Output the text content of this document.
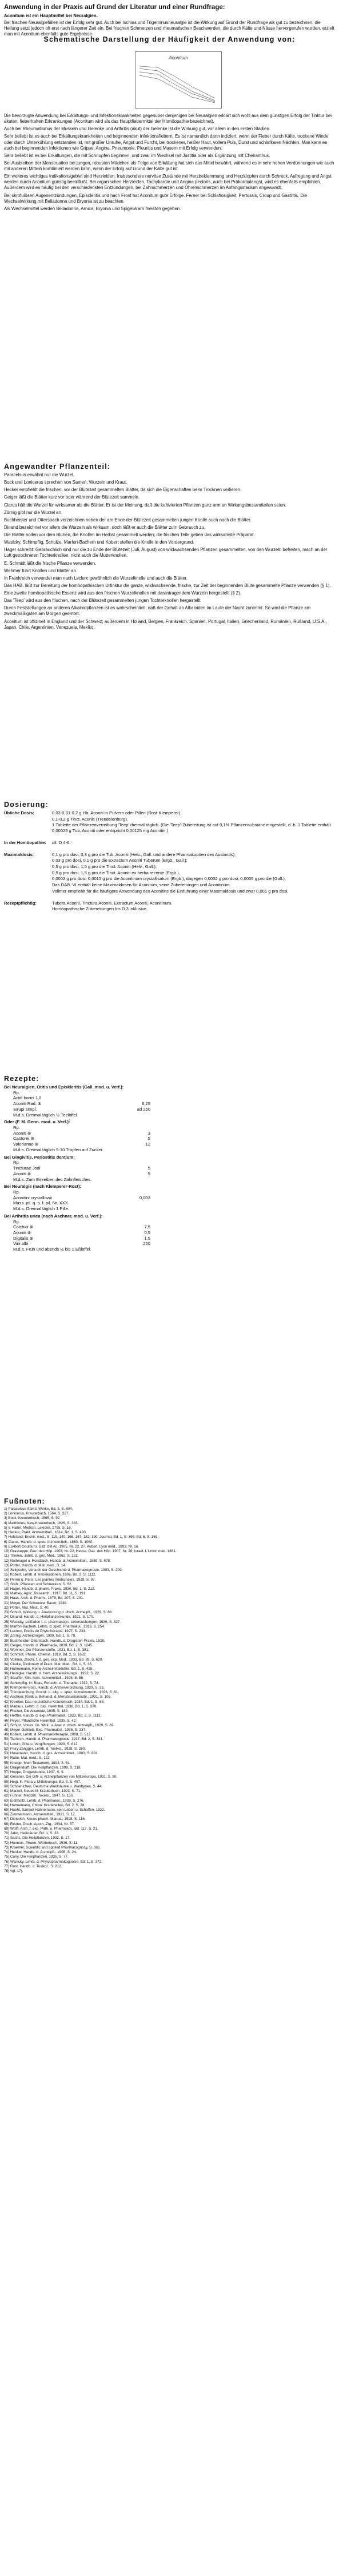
Anwendung in der Praxis auf Grund der Literatur und einer Rundfrage:

Aconitum ist ein Hauptmittel bei Neuralgien.

Bei frischen Neuralgiefällen ist der Erfolg sehr gut. Auch bei Ischias und Trigeminusneuralgie ist die Wirkung auf Grund der Rundfrage als gut zu bezeichnen; die Heilung setzt jedoch oft erst nach längerer Zeit ein. Bei frischen Schmerzen und rheumatischen Beschwerden, die durch Kälte und Nässe hervorgerufen wurden, erzielt man mit Aconitum ebenfalls gute Ergebnisse.

Schematische Darstellung der Häufigkeit der Anwendung von:
Aconitum

Die bevorzugte Anwendung bei Erkältungs- und Infektionskrankheiten gegenüber denjenigen bei Neuralgien erklärt sich wohl aus dem günstigen Erfolg der Tinktur bei akuten, fieberhaften Erkrankungen (Aconitum wird als das Hauptfiebermittel der Homöopathie bezeichnet).

Auch bei Rheumatismus der Muskeln und Gelenke und Arthritis (akut) der Gelenke ist die Wirkung gut, vor allem in den ersten Stadien.

Sehr beliebt ist es auch bei Erkältungskrankheiten und beginnenden Infektionsfiebern. Es ist namentlich dann indiziert, wenn der Fieber durch Kälte, trockene Winde oder durch Unterkühlung entstanden ist, mit großer Unruhe, Angst und Furcht, bei trockener, heißer Haut, vollem Puls, Durst und schlaflosen Nächten. Man kann es auch bei beginnenden Infektionen wie Grippe, Angina, Pneumonie, Pleuritis und Masern mit Erfolg verwenden.

Sehr beliebt ist es bei Erkältungen, die mit Schnupfen beginnen, und zwar im Wechsel mit Justitia oder als Ergänzung mit Cheiranthus.

Bei Ausbleiben der Menstruation bei jungen, robusten Mädchen als Folge von Erkältung hat sich das Mittel bewährt, während es in sehr hohen Verdünnungen wie auch mit anderen Mitteln kombiniert werden kann, wenn der Erfolg auf Grund der Kälte gut ist.

Ein weiteres wichtiges Indikationsgebiet sind Herzleiden. Insbesondere nervöse Zustände mit Herzbeklemmung und Herzklopfen durch Schreck, Aufregung und Angst werden durch Aconitum günstig beeinflußt. Bei organischen Herzleiden, Tachykardie und Angina pectoris, auch bei Präkordialangst, wird es ebenfalls empfohlen. Außerdem wird es häufig bei den verschiedensten Entzündungen, bei Zahnschmerzen und Ohrenschmerzen im Anfangsstadium angewandt.

Bei skrofulösen Augenentzündungen, Episcleritis und nach Frost hat Aconitum gute Erfolge. Ferner bei Schlaflosigkeit, Pertussis, Croup und Gastritis. Die Wechselwirkung mit Belladonna und Bryonia ist zu beachten.

Als Wechselmittel werden Belladonna, Arnica, Bryonia und Spigelia am meisten gegeben.

Angewandter Pflanzenteil:

Paracelsus erwähnt nur die Wurzel.

Bock und Lonicerus sprechen von Samen, Wurzeln und Kraut.

Hecker empfiehlt die frischen, vor der Blütezeit gesammelten Blätter, da sich die Eigenschaften beim Trocknen verlieren.

Geiger läßt die Blätter kurz vor oder während der Blütezeit sammeln.

Clarus hält die Wurzel für wirksamer als die Blätter. Er ist der Meinung, daß die kultivierten Pflanzen ganz arm an Wirkungsbestandteilen seien.

Zörnig gibt nur die Wurzel an.

Buchheister und Ottersbach verzeichnen neben der am Ende der Blütezeit gesammelten jungen Knolle auch noch die Blätter.

Dinand bezeichnet vor allem die Wurzeln als wirksam, doch läßt er auch die Blätter zum Gebrauch zu.

Die Blätter sollen vor dem Blühen, die Knollen im Herbst gesammelt werden; die frischen Teile geben das wirksamste Präparat.

Wasicky, Schimpflig, Schulze, Marfori-Bachem und Kobert stellen die Knolle in den Vordergrund.

Hager schreibt: Gebräuchlich sind nur die zu Ende der Blütezeit (Juli, August) von wildwachsenden Pflanzen gesammelten, von den Wurzeln befreiten, rasch an der Luft getrockneten Tochterknollen, nicht auch die Mutterknollen.

E. Schmidt läßt die frische Pflanze verwenden.

Wehmer führt Knollen und Blätter an.

In Frankreich verwendet man nach Leclerc gewöhnlich die Wurzelknolle und auch die Blätter.

Das HAB. läßt zur Bereitung der homöopathischen Urtinktur die ganze, wildwachsende, frische, zur Zeit der beginnenden Blüte gesammelte Pflanze verwenden (§ 1).

Eine zweite homöopathische Essenz wird aus den frischen Wurzelknollen mit darantragendem Wurzeln hergestellt (§ 2).

Das 'Teep' wird aus den frischen, nach der Blütezeit gesammelten jungen Tochterknollen hergestellt.

Durch Feststellungen an anderen Alkaloidpflanzen ist es wahrscheinlich, daß der Gehalt an Alkaloiden im Laufe der Nacht zunimmt. So wird die Pflanze am zweckmäßigsten am Morgen geerntet.

Aconitum ist offizinell in England und der Schweiz; außerdem in Holland, Belgien, Frankreich, Spanien, Portugal, Italien, Griechenland, Rumänien, Rußland, U.S.A., Japan, Chile, Argentinien, Venezuela, Mexiko.

Dosierung:
Übliche Dosis:	0,03-0,01-0,2 g Hb. Aconiti in Pulvern oder Pillen (Rost-Klemperer).
0,1-0,2 g Tinct. Aconiti (Trendelenburg).
1 Tablette der Pflanzenverreibung 'Teep' dreimal täglich. (Die 'Teep'-Zubereitung ist auf 0,1% Pflanzensubstanz eingestellt, d. h. 1 Tablette enthält 0,00025 g Tub. Aconiti oder entspricht 0,00125 mg Aconitin.)
In der Homöopathie:	dil. D 4-6.
Maximaldosis:	0,1 g pro dosi, 0,3 g pro die Tub. Aconiti (Helv., Gall. und andere Pharmakopöen des Auslands);
0,03 g pro dosi, 0,1 g pro die Extractum Aconiti Tuberum (Ergb., Gall.);
0,5 g pro dosi, 1,5 g pro die Tinct. Aconiti (Helv., Gall.);
0,5 g pro dosi, 1,5 g pro die Tinct. Aconiti ex herba recente (Ergb.).
0,0002 g pro dosi, 0,0015 g pro die Aconitinum crystallisatum (Ergb.), dagegen 0,0002 g pro dosi, 0,0005 g pro die (Gall.).
Das DAB. VI enthält keine Maximaldosen für Aconitum, seine Zubereitungen und Aconitinum.
Vollmer empfiehlt für die häufigere Anwendung des Aconitins die Einführung einer Maximaldosis und zwar 0,001 g pro dosi.
Rezeptpflichtig:	Tubera Aconiti, Tinctura Aconiti, Extractum Aconiti, Aconitinum.
Homöopathische Zubereitungen bis D 3 inklusive.
Rezepte:
Bei Neuralgien, Otitis und Episkleritis (Gall. mod. u. Verf.):
Rp.
Acidi borici 1,0
Aconiti Rad. ⊗	6,25
Sirupi simpl.	ad 250
M.d.s. Dreimal täglich ½ Teelöffel.
Oder (F. M. Germ. mod. u. Verf.):
Rp.
Aconiti ⊗	3
Castorei ⊗	5
Valerianae ⊗	12
M.d.s. Dreimal täglich 5-10 Tropfen auf Zucker.
Bei Gingivitis, Periostitis dentium:
Rp.
Tincturae Jodi	5
Aconiti ⊗	5
M.d.s. Zum Einreiben des Zahnfleisches.
Bei Neuralgie (nach Klemperer-Rost):
Rp.
Aconitini crystallisati	0,003
Mass. pil. q. s. f. pil. Nr. XXX.
M.d.s. Dreimal täglich 1 Pille.
Bei Arthritis urica (nach Aschner, mod. u. Verf.):
Rp.
Colchici ⊗	7,5
Aconiti ⊗	0,5
Digitalis ⊗	1,5
Vini albi	250
M.d.s. Früh und abends ½ bis 1 Eßlöffel.
Fußnoten:

1) Paracelsus Sämtl. Werke, Bd. 3, S. 604.

2) Lonicerus, Kreuterbuch, 1564, S. 227.

3) Bock, Kreutterbuch, 1565, S. 92.

4) Matthiolus, New-Kreuterbuch, 1626, S. 383.

5) v. Haller, Medicin. Lexicon, 1755, S. 16.

6) Hecker, Prakt. Arzneimittell., 1814, Bd. 1, S. 490.

7) Hufeland, Enchir. med., S. 119, 140, 166, 167, 182, 190; Journal, Bd. 1, S. 396; Bd. 6, S. 168.

8) Clarus, Handb. d. spec. Arzneimittell., 1860, S. 1060.

9) Eckbert-Goulburn, Gaz. del Ac. 1905, Nr. 22, 27. Auberl, Lyon méd., 1893, Nr. 16.

10) Grasseppe, Gaz. des Hôp. 1903; Nr. 22; Hesse, Gaz. des Hôp. 1907, Nr. 26; Israel, L'Union méd. 1861.

11) Thieme, Jahrb. d. ges. Med., 1862, S. 122.

12) Nothnagel u. Rossbach, Handb. d. Arzneimittell., 1880, S. 678.

13) Potter, Handb. d. Mat. med., S. 14.

14) Seligsohn, Versuch der Geschichte d. Pharmakognosie, 1903, S. 209.

15) Kobert, Lehrb. d. Intoxikationen, 1906, Bd. 2, S. 1112.

16) Perrot u. Paris, Les plantes médicinales, 1928, S. 97.

17) Stahl, Pflanzen und Schnecken, S. 62.

18) Hager, Handb. d. pharm. Praxis, 1930, Bd. 1, S. 212.

19) Mathey, Agric. Research., 1917, Bd. 11, S. 191.

20) Haas, Arch. d. Pharm., 1875, Bd. 207, S. 201.

21) Meyer, Der Schweizer Bauer, 1938.

22) Potter, Mat. Med., S. 40.

23) Schulz, Wirkung u. Anwendung d. dtsch. Arzneipfl., 1929, S. 86.

24) Dinand, Handb. d. Heilpflanzenkunde, 1921, S. 170.

25) Wasicky, Leitfaden f. d. pharmakogn. Untersuchungen, 1936, S. 327.

26) Marfori-Bachem, Lehrb. d. spez. Pharmakol., 1929, S. 254.

27) Leclerc, Précis de Phytothérapie, 1927, S. 233.

28) Zörnig, Arzneidrogen, 1909, Bd. 1, S. 79.

29) Buchheister-Ottersbach, Handb. d. Drogisten-Praxis, 1928.

30) Geiger, Handb. d. Pharmacie, 1839, Bd. 2, S. 1245.

31) Wehmer, Die Pflanzenstoffe, 1931, Bd. 1, S. 351.

32) Schmidt, Pharm. Chemie, 1919, Bd. 2, S. 1632.

33) Vollmer, Ztschr. f. d. ges. exp. Med., 1933, Bd. 89, S. 620.

34) Clarke, Dictionary of Pract. Mat. Med., Bd. 1, S. 36.

35) Hahnemann, Reine Arzneimittellehre, Bd. 1, S. 435.

36) Heinigke, Handb. d. hom. Arzneiwirkungsl., 1922, S. 22.

37) Stauffer, Klin. hom. Arzneimittell., 1926, S. 56.

38) Schimpflig, in: Boas, Fortschr. d. Therapie, 1932, S. 74.

39) Klemperer-Rost, Handb. d. Arzneiverordnung, 1929, S. 33.

40) Trendelenburg, Grundl. d. allg. u. spez. Arzneiverordn., 1926, S. 61.

41) Aschner, Klinik u. Behandl. d. Menstruationsstör., 1931, S. 105.

42) Kroeber, Das neuzeitliche Kräuterbuch, 1934, Bd. 1, S. 68.

43) Madaus, Lehrb. d. biol. Heilmittel, 1938, Bd. 1, S. 370.

44) Fischer, Die Alkaloide, 1935, S. 189.

45) Heffter, Handb. d. exp. Pharmakol., 1923, Bd. 2, S. 1112.

46) Peyer, Pflanzliche Heilmittel, 1935, S. 42.

47) Schulz, Vorles. üb. Wirk. u. Anw. d. dtsch. Arzneipfl., 1929, S. 82.

48) Meyer-Gottlieb, Exp. Pharmakol., 1936, S. 237.

49) Kobert, Lehrb. d. Pharmakotherapie, 1908, S. 512.

50) Tschirch, Handb. d. Pharmakognosie, 1917, Bd. 2, S. 341.

51) Lewin, Gifte u. Vergiftungen, 1929, S. 612.

52) Flury-Zangger, Lehrb. d. Toxikol., 1928, S. 260.

53) Husemann, Handb. d. ges. Arzneimittell., 1883, S. 891.

54) Rabe, Mat. med., S. 122.

55) Kneipp, Mein Testament, 1894, S. 81.

56) Dragendorff, Die Heilpflanzen, 1898, S. 218.

57) Hoppe, Drogenkunde, 1937, S. 9.

58) Gessner, Die Gift- u. Arzneipflanzen von Mitteleuropa, 1931, S. 90.

59) Hegi, Ill. Flora v. Mitteleuropa, Bd. 3, S. 497.

60) Schoenichen, Deutsche Waldbäume u. Waldtypen, S. 44.

61) Marzell, Neues ill. Kräuterbuch, 1923, S. 71.

62) Fühner, Medizin. Toxikol., 1947, S. 150.

63) Eichholtz, Lehrb. d. Pharmakol., 1939, S. 276.

64) Hahnemann, Chron. Krankheiten, Bd. 2, S. 28.

65) Haehl, Samuel Hahnemann, sein Leben u. Schaffen, 1922.

66) Zimmermann, Arzneimittell., 1921, S. 17.

67) Dieterich, Neues pharm. Manual, 1928, S. 116.

68) Reuter, Dtsch. Apoth.-Ztg., 1934, Nr. 57.

69) Wolff, Arch. f. exp. Path. u. Pharmakol., Bd. 117, S. 21.

70) Jahn, Heilkräuter, Bd. 1, S. 33.

71) Sachs, Die Heilpflanzen, 1932, S. 17.

72) Hunnius, Pharm. Wörterbuch, 1936, S. 11.

73) Kraemer, Scientific and applied Pharmacognosy, S. 386.

74) Henkel, Handb. d. Arzneipfl., 1908, S. 24.

75) Cuny, Die Heilpflanzen, 1935, S. 77.

76) Wasicky, Lehrb. d. Physiopharmakognosie, Bd. 1, S. 372.

77) Rost, Handb. d. Toxikol., S. 212.

78) vgl. 17).
